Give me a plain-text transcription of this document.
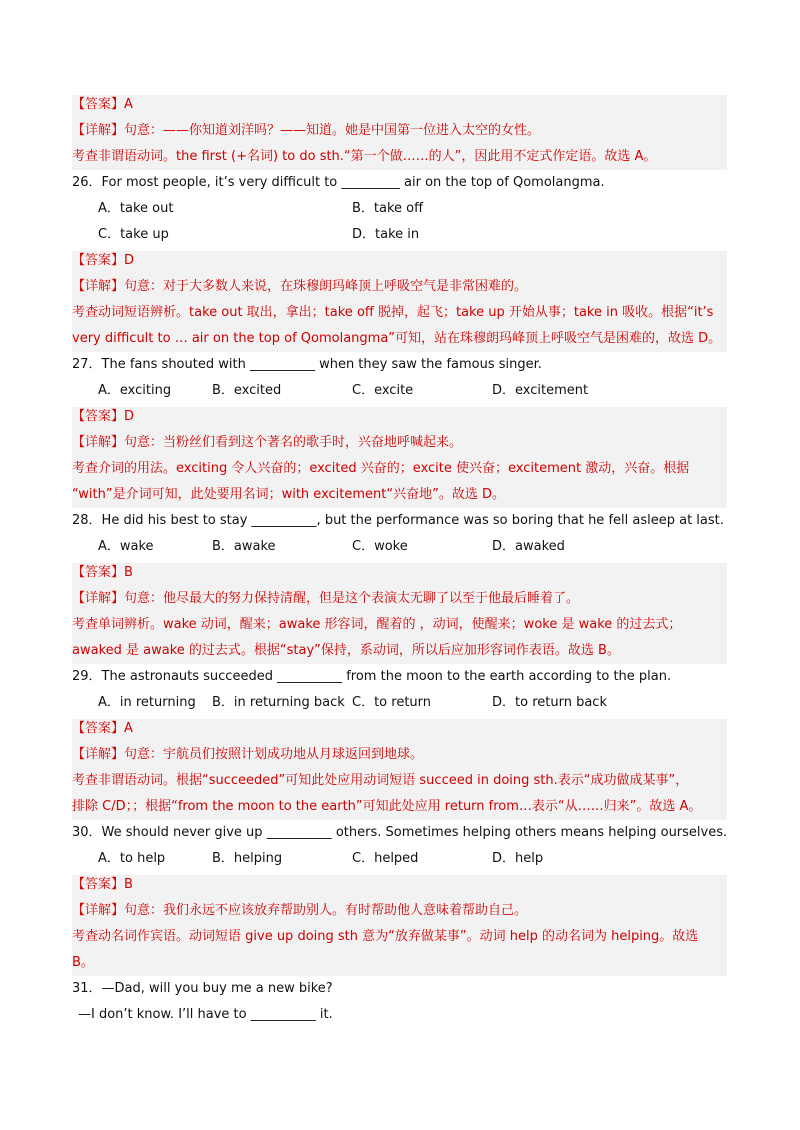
【答案】A
【详解】句意：——你知道刘洋吗？——知道。她是中国第一位进入太空的女性。
考查非谓语动词。the first (+名词) to do sth.“第一个做……的人”，因此用不定式作定语。故选 A。
26．For most people, it’s very difficult to _________ air on the top of Qomolangma.
A．take out	B．take off
C．take up	D．take in
【答案】D
【详解】句意：对于大多数人来说，在珠穆朗玛峰顶上呼吸空气是非常困难的。
考查动词短语辨析。take out 取出，拿出；take off 脱掉，起飞；take up 开始从事；take in 吸收。根据“it’s
very difficult to … air on the top of Qomolangma”可知，站在珠穆朗玛峰顶上呼吸空气是困难的，故选 D。
27．The fans shouted with __________ when they saw the famous singer.
A．exciting	B．excited	C．excite	D．excitement
【答案】D
【详解】句意：当粉丝们看到这个著名的歌手时，兴奋地呼喊起来。
考查介词的用法。exciting 令人兴奋的；excited 兴奋的；excite 使兴奋；excitement 激动，兴奋。根据
“with”是介词可知，此处要用名词；with excitement“兴奋地”。故选 D。
28．He did his best to stay __________, but the performance was so boring that he fell asleep at last.
A．wake	B．awake	C．woke	D．awaked
【答案】B
【详解】句意：他尽最大的努力保持清醒，但是这个表演太无聊了以至于他最后睡着了。
考查单词辨析。wake 动词，醒来；awake 形容词，醒着的 ，动词，使醒来；woke 是 wake 的过去式；
awaked 是 awake 的过去式。根据“stay”保持，系动词，所以后应加形容词作表语。故选 B。
29．The astronauts succeeded __________ from the moon to the earth according to the plan.
A．in returning B．in returning back C．to return	D．to return back
【答案】A
【详解】句意：宇航员们按照计划成功地从月球返回到地球。
考查非谓语动词。根据“succeeded”可知此处应用动词短语 succeed in doing sth.表示“成功做成某事”，
排除 C/D；；根据“from the moon to the earth”可知此处应用 return from…表示“从……归来”。故选 A。
30．We should never give up __________ others. Sometimes helping others means helping ourselves.
A．to help	B．helping	C．helped	D．help
【答案】B
【详解】句意：我们永远不应该放弃帮助别人。有时帮助他人意味着帮助自己。
考查动名词作宾语。动词短语 give up doing sth 意为“放弃做某事”。动词 help 的动名词为 helping。故选
B。
31．—Dad, will you buy me a new bike?
—I don’t know. I’ll have to __________ it.
